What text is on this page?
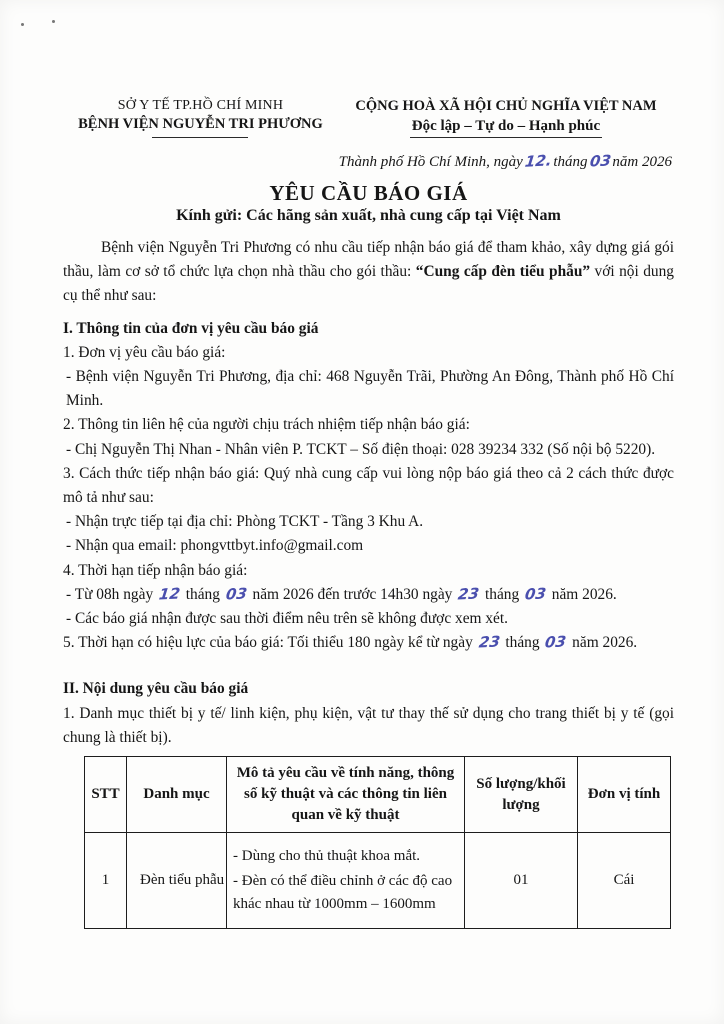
SỞ Y TẾ TP.HỒ CHÍ MINH
BỆNH VIỆN NGUYỄN TRI PHƯƠNG
CỘNG HOÀ XÃ HỘI CHỦ NGHĨA VIỆT NAM
Độc lập – Tự do – Hạnh phúc
Thành phố Hồ Chí Minh, ngày12.tháng03năm 2026
YÊU CẦU BÁO GIÁ
Kính gửi: Các hãng sản xuất, nhà cung cấp tại Việt Nam
Bệnh viện Nguyễn Tri Phương có nhu cầu tiếp nhận báo giá để tham khảo, xây dựng giá gói thầu, làm cơ sở tổ chức lựa chọn nhà thầu cho gói thầu: “Cung cấp đèn tiểu phẫu” với nội dung cụ thể như sau:
I. Thông tin của đơn vị yêu cầu báo giá
1. Đơn vị yêu cầu báo giá:
- Bệnh viện Nguyễn Tri Phương, địa chỉ: 468 Nguyễn Trãi, Phường An Đông, Thành phố Hồ Chí Minh.
2. Thông tin liên hệ của người chịu trách nhiệm tiếp nhận báo giá:
- Chị Nguyễn Thị Nhan - Nhân viên P. TCKT – Số điện thoại: 028 39234 332 (Số nội bộ 5220).
3. Cách thức tiếp nhận báo giá: Quý nhà cung cấp vui lòng nộp báo giá theo cả 2 cách thức được mô tả như sau:
- Nhận trực tiếp tại địa chỉ: Phòng TCKT - Tầng 3 Khu A.
- Nhận qua email: phongvttbyt.info@gmail.com
4. Thời hạn tiếp nhận báo giá:
- Từ 08h ngày 12 tháng 03 năm 2026 đến trước 14h30 ngày 23 tháng 03 năm 2026.
- Các báo giá nhận được sau thời điểm nêu trên sẽ không được xem xét.
5. Thời hạn có hiệu lực của báo giá: Tối thiểu 180 ngày kể từ ngày 23 tháng 03 năm 2026.
II. Nội dung yêu cầu báo giá
1. Danh mục thiết bị y tế/ linh kiện, phụ kiện, vật tư thay thế sử dụng cho trang thiết bị y tế (gọi chung là thiết bị).
STT	Danh mục	Mô tả yêu cầu về tính năng, thông số kỹ thuật và các thông tin liên quan về kỹ thuật	Số lượng/khối lượng	Đơn vị tính
1	Đèn tiểu phẫu	- Dùng cho thủ thuật khoa mắt.
- Đèn có thể điều chỉnh ở các độ cao khác nhau từ 1000mm – 1600mm	01	Cái
